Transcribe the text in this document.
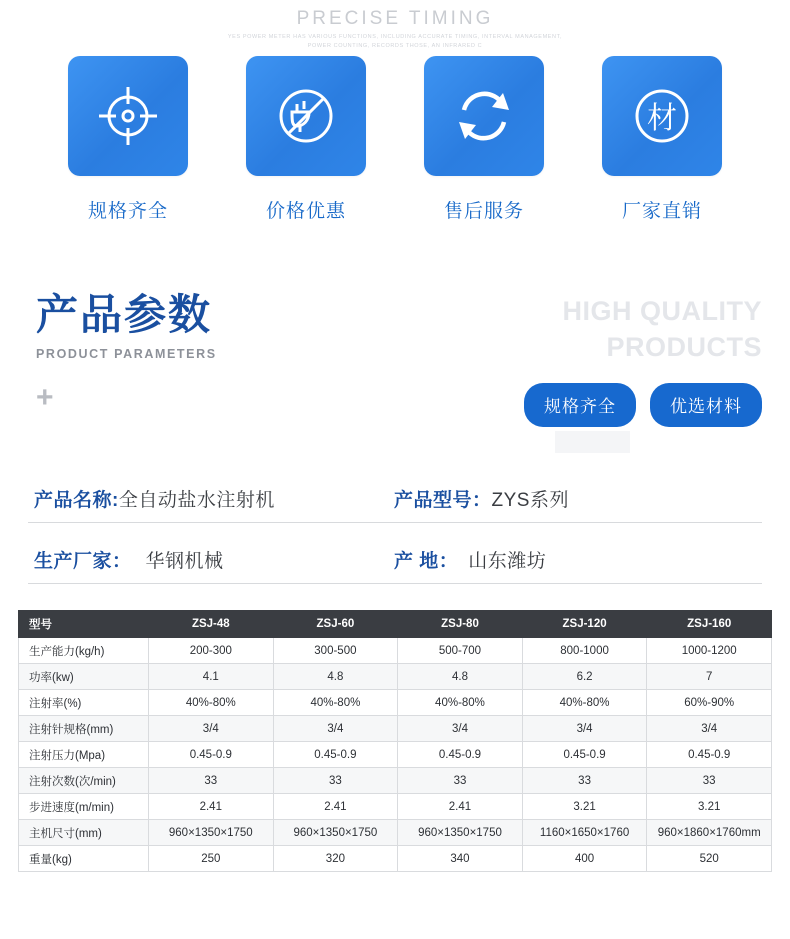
PRECISE TIMING
YES POWER METER HAS VARIOUS FUNCTIONS, INCLUDING ACCURATE TIMING, INTERVAL MANAGEMENT,
POWER COUNTING, RECORDS THOSE, AN INFRARED C
规格齐全	价格优惠	售后服务
材
厂家直销
产品参数
PRODUCT PARAMETERS
+
HIGH QUALITY
PRODUCTS
规格齐全	优选材料
产品名称: 全自动盐水注射机	产品型号： ZYS系列
生产厂家： 华钢机械	产 地： 山东潍坊
型号	ZSJ-48	ZSJ-60	ZSJ-80	ZSJ-120	ZSJ-160
生产能力(kg/h)	200-300	300-500	500-700	800-1000	1000-1200
功率(kw)	4.1	4.8	4.8	6.2	7
注射率(%)	40%-80%	40%-80%	40%-80%	40%-80%	60%-90%
注射针规格(mm)	3/4	3/4	3/4	3/4	3/4
注射压力(Mpa)	0.45-0.9	0.45-0.9	0.45-0.9	0.45-0.9	0.45-0.9
注射次数(次/min)	33	33	33	33	33
步进速度(m/min)	2.41	2.41	2.41	3.21	3.21
主机尺寸(mm)	960×1350×1750	960×1350×1750	960×1350×1750	1160×1650×1760	960×1860×1760mm
重量(kg)	250	320	340	400	520
